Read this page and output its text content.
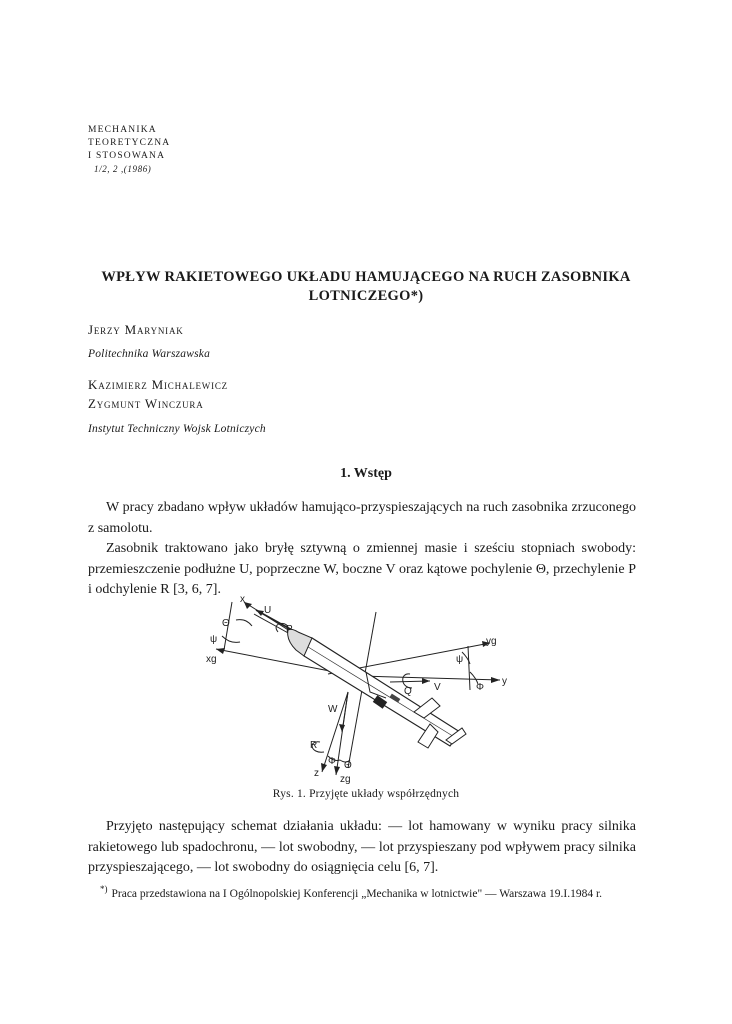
MECHANIKA
TEORETYCZNA
I STOSOWANA
1/2, 2 ,(1986)
WPŁYW RAKIETOWEGO UKŁADU HAMUJĄCEGO NA RUCH ZASOBNIKA
LOTNICZEGO*)
Jerzy Maryniak
Politechnika Warszawska
Kazimierz Michalewicz
Zygmunt Winczura
Instytut Techniczny Wojsk Lotniczych
1. Wstęp

W pracy zbadano wpływ układów hamująco-przyspieszających na ruch zasobnika zrzuconego z samolotu.

Zasobnik traktowano jako bryłę sztywną o zmiennej masie i sześciu stopniach swobody: przemieszczenie podłużne U, poprzeczne W, boczne V oraz kątowe pochylenie Θ, przechylenie P i odchylenie R [3, 6, 7].

x
xg
U
P
Θ
ψ	yg
y
ψ
Φ
Q V
W
R
z
zg
Φ Θ
Rys. 1. Przyjęte układy współrzędnych

Przyjęto następujący schemat działania układu: — lot hamowany w wyniku pracy silnika rakietowego lub spadochronu, — lot swobodny, — lot przyspieszany pod wpływem pracy silnika przyspieszającego, — lot swobodny do osiągnięcia celu [6, 7].

*) Praca przedstawiona na I Ogólnopolskiej Konferencji „Mechanika w lotnictwie" — Warszawa 19.I.1984 r.
